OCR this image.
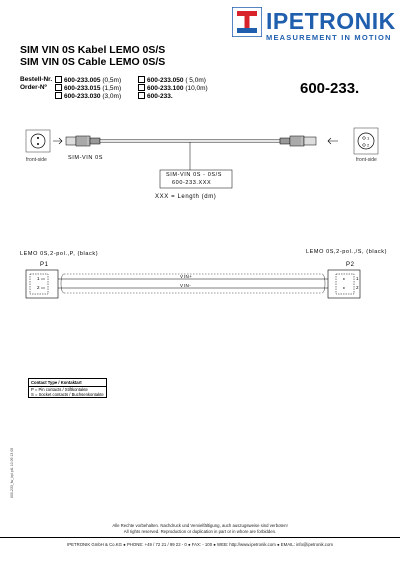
IPETRONIK
MEASUREMENT IN MOTION
SIM VIN 0S Kabel LEMO 0S/S
SIM VIN 0S Cable LEMO 0S/S
Bestell-Nr.
Order-Nº
600-233.005 (0,5m)
600-233.015 (1,5m)
600-233.030 (3,0m)
600-233.050 ( 5,0m)
600-233.100 (10,0m)
600-233.	600-233.
1
2
front-side	front-side
SIM-VIN 0S
SIM-VIN 0S - 0S/S
600-233.XXX
XXX = Length (dm)
LEMO 0S,2-pol.,P, (black)	LEMO 0S,2-pol.,/S, (black)
P1	P2
1
2
1
2
VIN+
VIN-
Contact Type / Kontaktart
P = Pin contacts / Stiftkontakte
S = Socket contacts / Buchsenkontakte
600-233_fw_bpl.pt1 10.09.13 05
Alle Rechte vorbehalten. Nachdruck und Vervielfältigung, auch auszugsweise sind verboten!
All rights reserved. Reproduction or duplication in part or in whore are forbidden.
IPETRONIK GmbH & Co.KG ● PHONE: +49 / 72 21 / 99 22 - 0 ● FAX: - 100 ● WEB: http://www.ipetronik.com ● EMAIL: info@ipetronik.com
